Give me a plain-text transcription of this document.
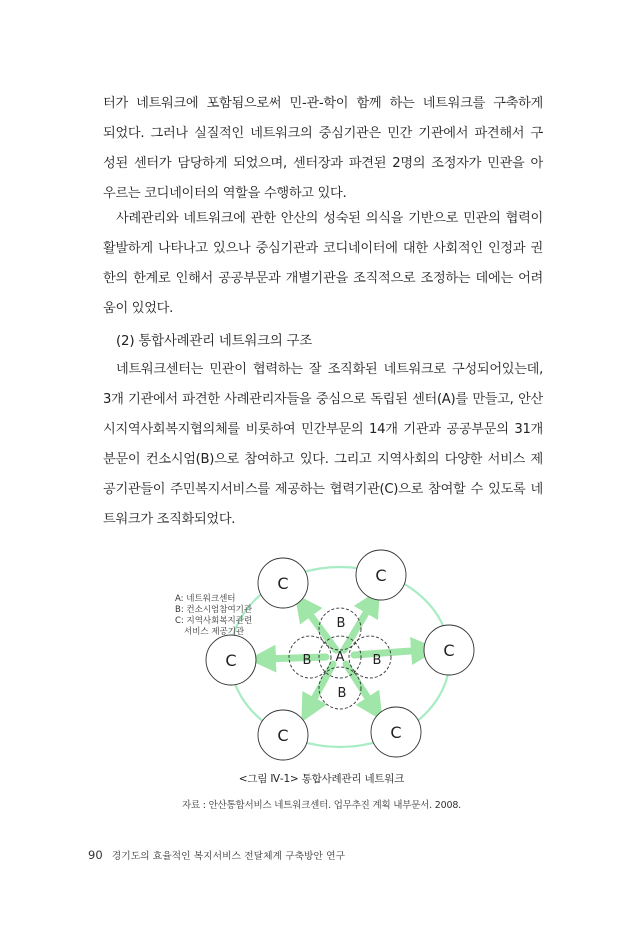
터가 네트워크에 포함됨으로써 민-관-학이 함께 하는 네트워크를 구축하게
되었다. 그러나 실질적인 네트워크의 중심기관은 민간 기관에서 파견해서 구
성된 센터가 담당하게 되었으며, 센터장과 파견된 2명의 조정자가 민관을 아
우르는 코디네이터의 역할을 수행하고 있다.
사례관리와 네트워크에 관한 안산의 성숙된 의식을 기반으로 민관의 협력이
활발하게 나타나고 있으나 중심기관과 코디네이터에 대한 사회적인 인정과 권
한의 한계로 인해서 공공부문과 개별기관을 조직적으로 조정하는 데에는 어려
움이 있었다.
(2) 통합사례관리 네트워크의 구조
네트워크센터는 민관이 협력하는 잘 조직화된 네트워크로 구성되어있는데,
3개 기관에서 파견한 사례관리자들을 중심으로 독립된 센터(A)를 만들고, 안산
시지역사회복지협의체를 비롯하여 민간부문의 14개 기관과 공공부문의 31개
분문이 컨소시엄(B)으로 참여하고 있다. 그리고 지역사회의 다양한 서비스 제
공기관들이 주민복지서비스를 제공하는 협력기관(C)으로 참여할 수 있도록 네
트워크가 조직화되었다.
C	C
C
C
C	C
B
B	B
B
A
A: 네트워크센터
B: 컨소시엄참여기관
C: 지역사회복지관련
서비스 제공기관
<그림 Ⅳ-1> 통합사례관리 네트워크
자료 : 안산통합서비스 네트워크센터. 업무추진 계획 내부문서. 2008.
90 경기도의 효율적인 복지서비스 전달체계 구축방안 연구
